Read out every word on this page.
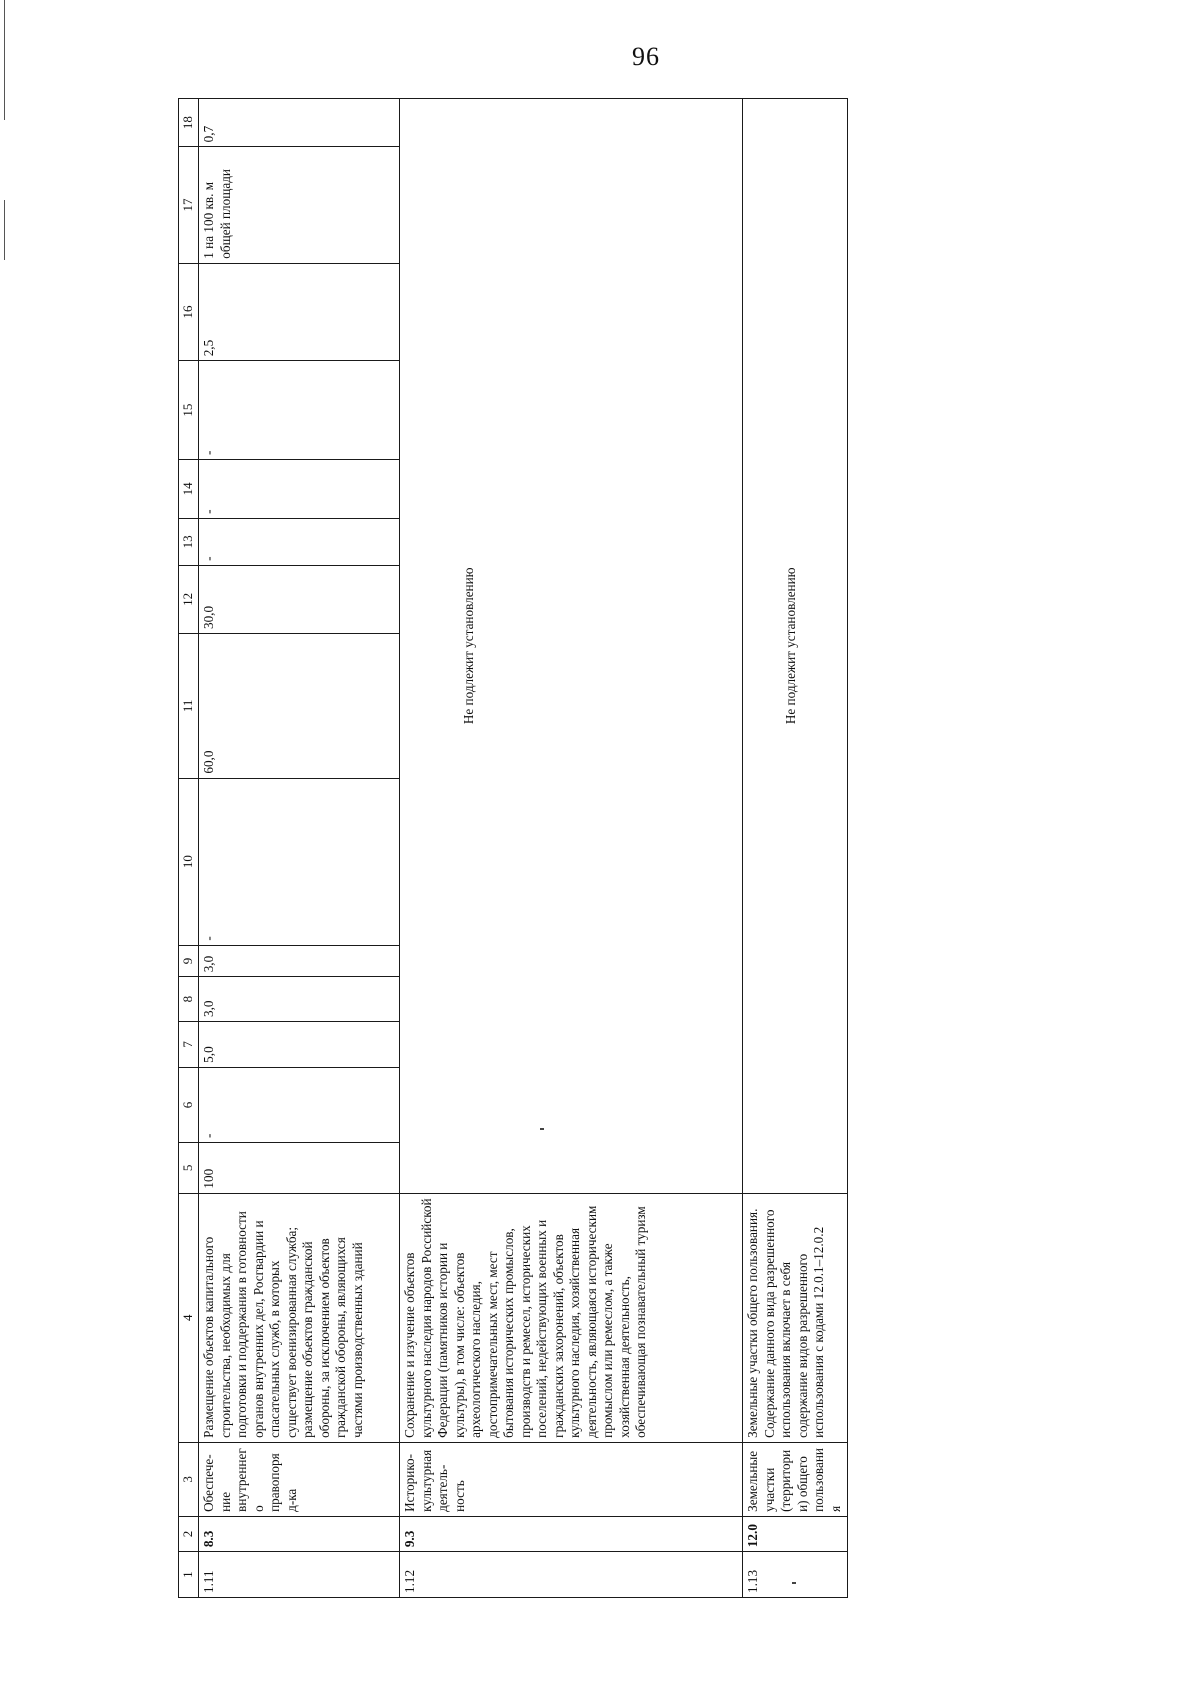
96
1	2	3	4	5	6	7	8	9	10	11	12	13	14	15	16	17	18
1.11	8.3	Обеспече-ние внутреннего правопоряд-ка	Размещение объектов капитального строительства, необходимых для подготовки и поддержания в готовности органов внутренних дел, Росгвардии и спасательных служб, в которых существует военизированная служба; размещение объектов гражданской обороны, за исключением объектов гражданской обороны, являющихся частями производственных зданий	100	-	5,0	3,0	3,0	-	60,0	30,0	-	-	-	2,5	1 на 100 кв. м общей площади	0,7
1.12	9.3	Историко-культурная деятель-ность	Сохранение и изучение объектов культурного наследия народов Российской Федерации (памятников истории и культуры), в том числе: объектов археологического наследия, достопримечательных мест, мест бытования исторических промыслов, производств и ремесел, исторических поселений, недействующих военных и гражданских захоронений, объектов культурного наследия, хозяйственная деятельность, являющаяся историческим промыслом или ремеслом, а также хозяйственная деятельность, обеспечивающая познавательный туризм	Не подлежит установлению													

1.13	12.0	Земельные участки (территории) общего пользования	Земельные участки общего пользования. Содержание данного вида разрешенного использования включает в себя содержание видов разрешенного использования с кодами 12.0.1–12.0.2	Не подлежит установлению													
